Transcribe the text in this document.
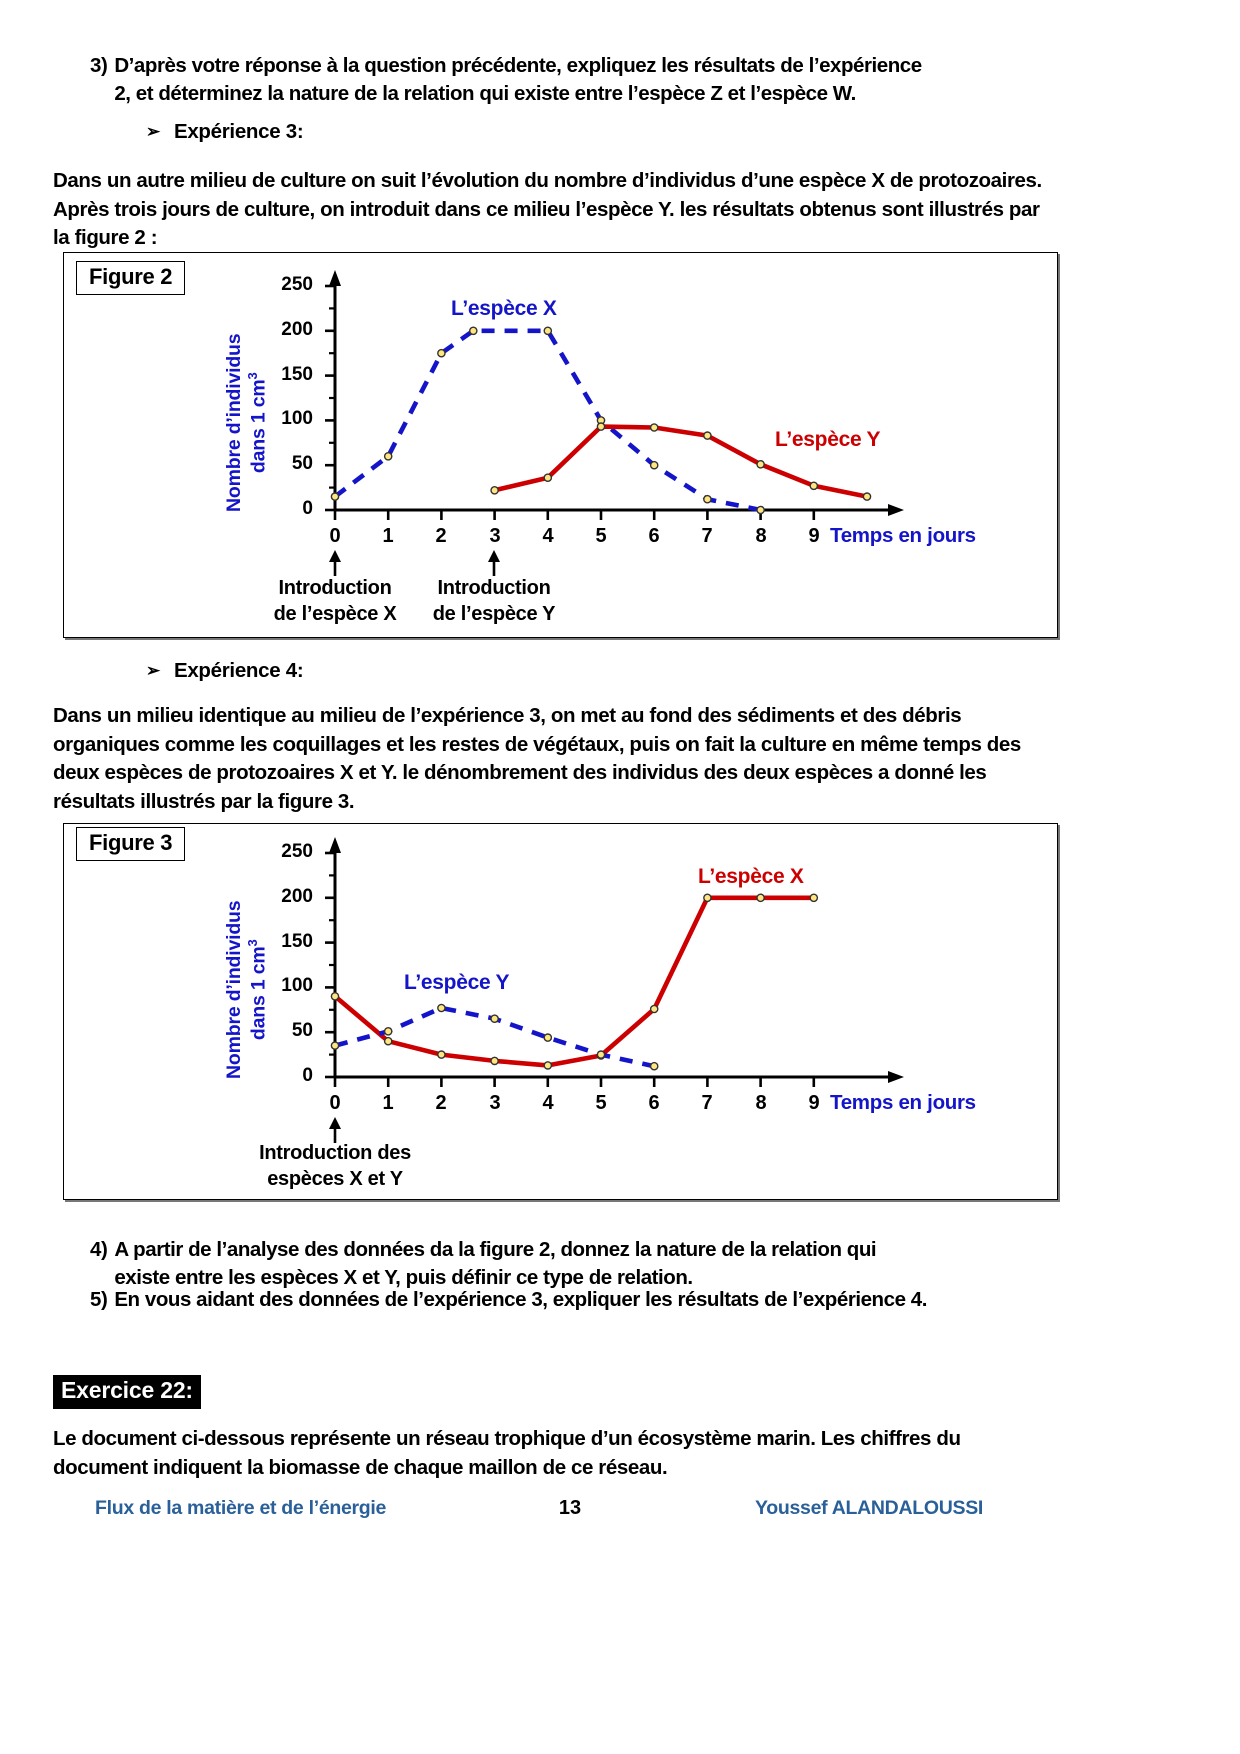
3) D’après votre réponse à la question précédente, expliquez les résultats de l’expérience
2, et déterminez la nature de la relation qui existe entre l’espèce Z et l’espèce W.
➢ Expérience 3:
Dans un autre milieu de culture on suit l’évolution du nombre d’individus d’une espèce X de protozoaires. Après trois jours de culture, on introduit dans ce milieu l’espèce Y. les résultats obtenus sont illustrés par la figure 2 :
Figure 2
Nombre d’individus dans 1 $cm^3$
250
200
150
100
50
0
0	1	2	3	4	5	6	7	8	9 Temps en jours
L’espèce X
L’espèce Y
Introduction
de l’espèce X
Introduction
de l’espèce Y
➢ Expérience 4:
Dans un milieu identique au milieu de l’expérience 3, on met au fond des sédiments et des débris organiques comme les coquillages et les restes de végétaux, puis on fait la culture en même temps des deux espèces de protozoaires X et Y. le dénombrement des individus des deux espèces a donné les résultats illustrés par la figure 3.
Figure 3
Nombre d’individus dans 1 $cm^3$
250
200
150
100
50
0
0	1	2	3	4	5	6	7	8	9 Temps en jours
L’espèce X
L’espèce Y
Introduction des
espèces X et Y
4) A partir de l’analyse des données da la figure 2, donnez la nature de la relation qui
existe entre les espèces X et Y, puis définir ce type de relation.
5) En vous aidant des données de l’expérience 3, expliquer les résultats de l’expérience 4.
Exercice 22:
Le document ci-dessous représente un réseau trophique d’un écosystème marin. Les chiffres du document indiquent la biomasse de chaque maillon de ce réseau.
Flux de la matière et de l’énergie	13	Youssef ALANDALOUSSI
